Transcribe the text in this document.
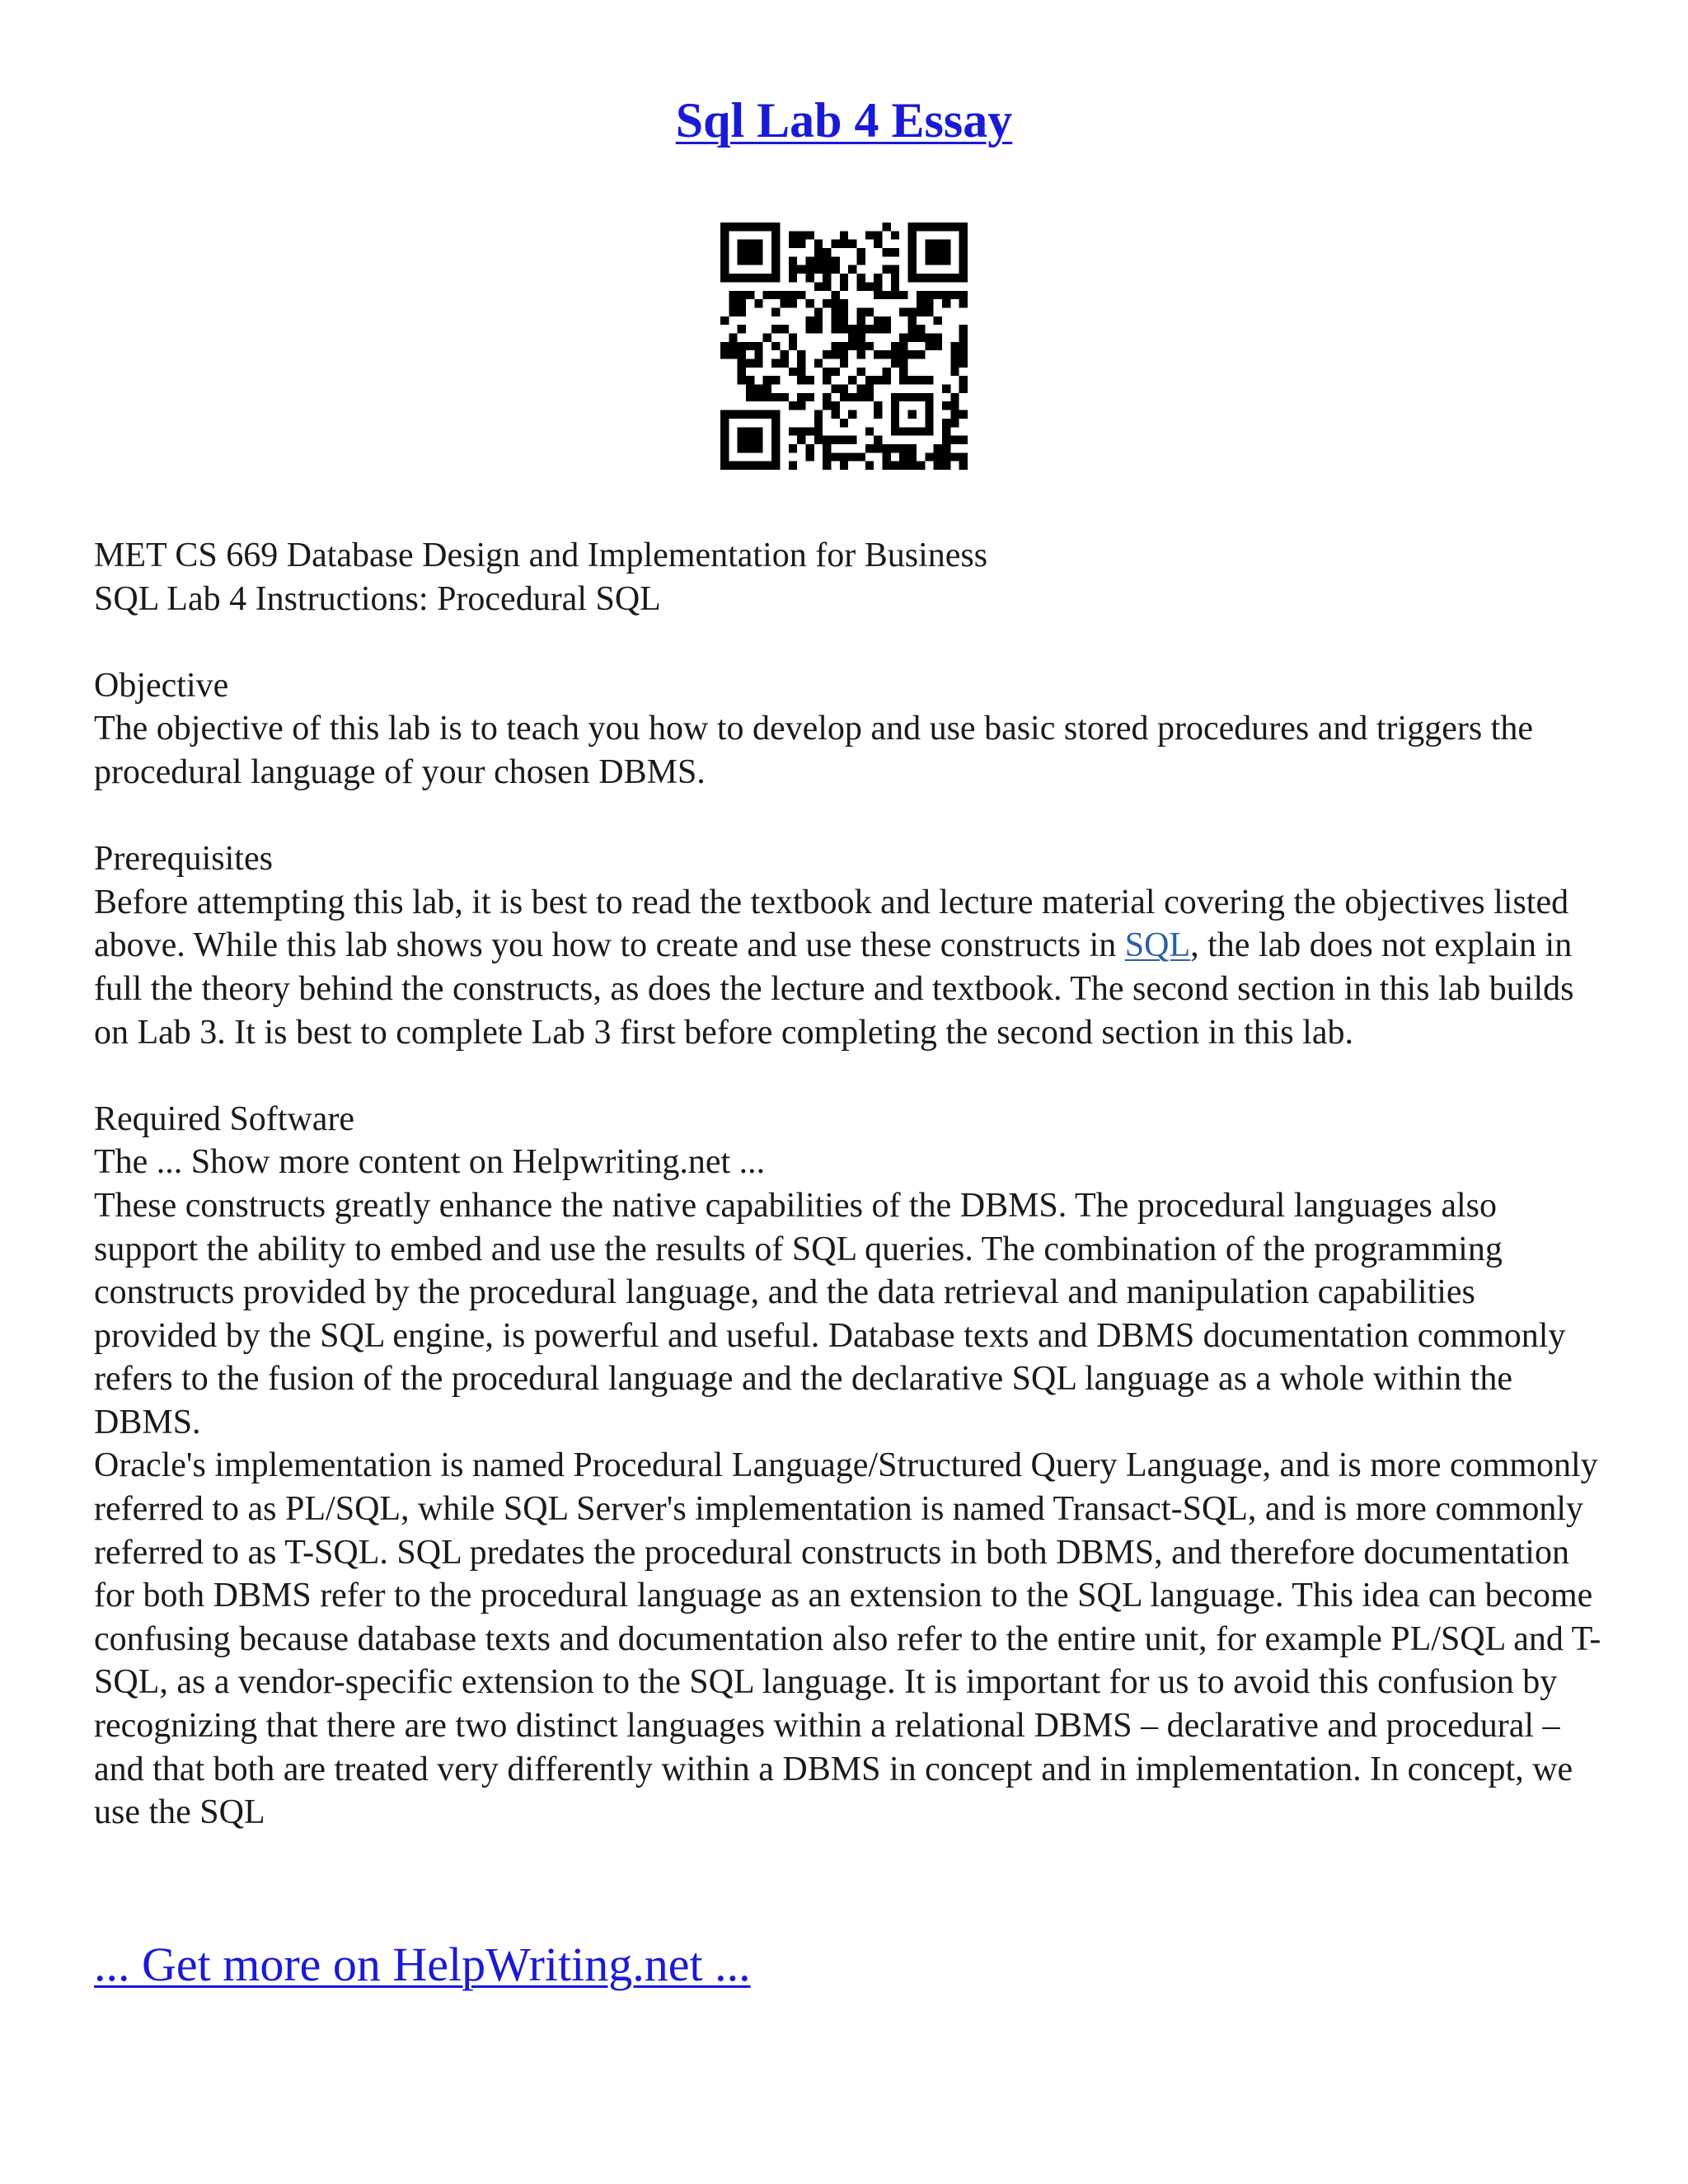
Sql Lab 4 Essay

MET CS 669 Database Design and Implementation for Business

SQL Lab 4 Instructions: Procedural SQL

Objective

The objective of this lab is to teach you how to develop and use basic stored procedures and triggers the procedural language of your chosen DBMS.

Prerequisites

Before attempting this lab, it is best to read the textbook and lecture material covering the objectives listed above. While this lab shows you how to create and use these constructs in SQL, the lab does not explain in full the theory behind the constructs, as does the lecture and textbook. The second section in this lab builds on Lab 3. It is best to complete Lab 3 first before completing the second section in this lab.

Required Software

The ... Show more content on Helpwriting.net ...

These constructs greatly enhance the native capabilities of the DBMS. The procedural languages also support the ability to embed and use the results of SQL queries. The combination of the programming constructs provided by the procedural language, and the data retrieval and manipulation capabilities provided by the SQL engine, is powerful and useful. Database texts and DBMS documentation commonly refers to the fusion of the procedural language and the declarative SQL language as a whole within the DBMS.

Oracle's implementation is named Procedural Language/Structured Query Language, and is more commonly referred to as PL/SQL, while SQL Server's implementation is named Transact-SQL, and is more commonly referred to as T-SQL. SQL predates the procedural constructs in both DBMS, and therefore documentation for both DBMS refer to the procedural language as an extension to the SQL language. This idea can become confusing because database texts and documentation also refer to the entire unit, for example PL/SQL and T-SQL, as a vendor-specific extension to the SQL language. It is important for us to avoid this confusion by recognizing that there are two distinct languages within a relational DBMS – declarative and procedural – and that both are treated very differently within a DBMS in concept and in implementation. In concept, we use the SQL

... Get more on HelpWriting.net ...
